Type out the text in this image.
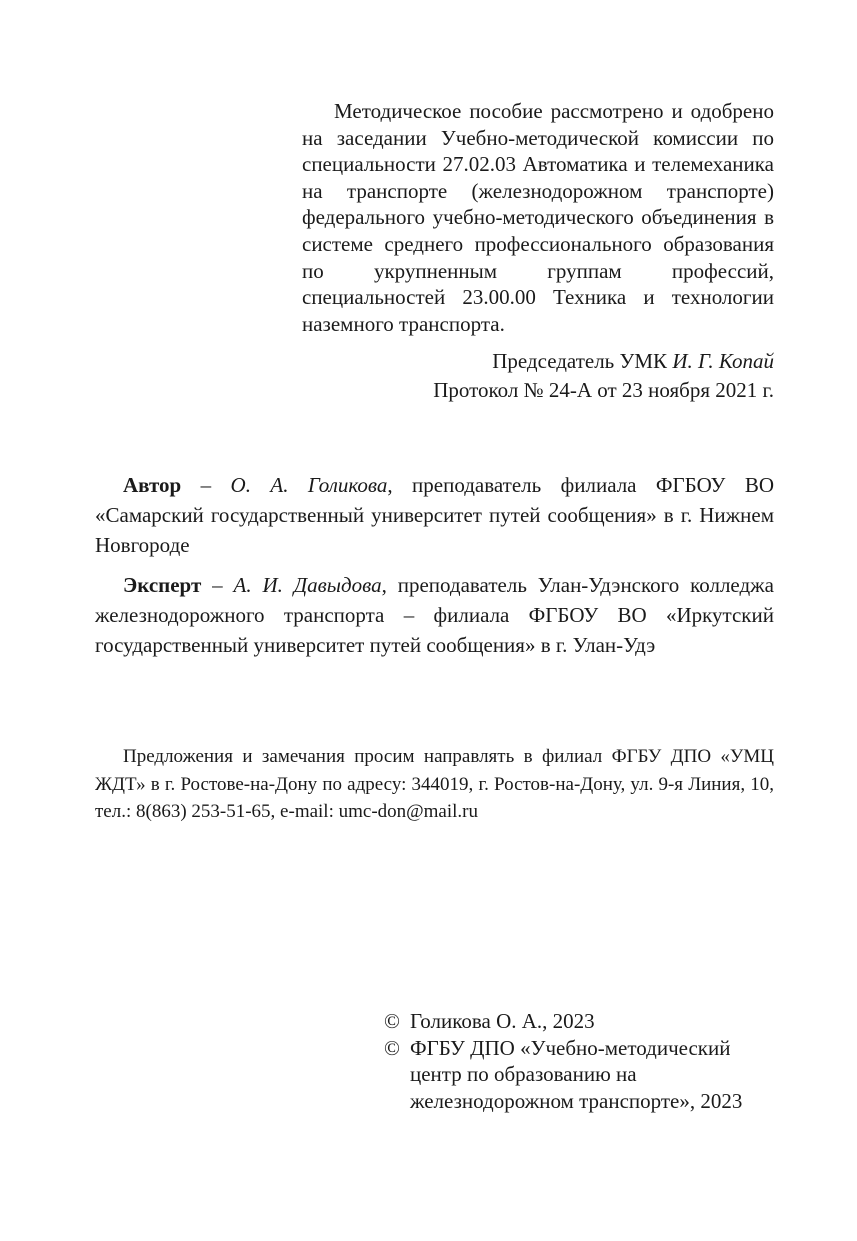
Методическое пособие рассмотрено и одобрено на заседании Учебно-методической комиссии по специальности 27.02.03 Автоматика и телемеханика на транспорте (железнодорожном транспорте) федерального учебно-методического объединения в системе среднего профессионального образования по укрупненным группам профессий, специальностей 23.00.00 Техника и технологии наземного транспорта.

Председатель УМК И. Г. Копай
Протокол № 24-А от 23 ноября 2021 г.

Автор – О. А. Голикова, преподаватель филиала ФГБОУ ВО «Самарский государственный университет путей сообщения» в г. Нижнем Новгороде

Эксперт – А. И. Давыдова, преподаватель Улан-Удэнского колледжа железнодорожного транспорта – филиала ФГБОУ ВО «Иркутский государственный университет путей сообщения» в г. Улан-Удэ

Предложения и замечания просим направлять в филиал ФГБУ ДПО «УМЦ ЖДТ» в г. Ростове-на-Дону по адресу: 344019, г. Ростов-на-Дону, ул. 9-я Линия, 10, тел.: 8(863) 253-51-65, e-mail: umc-don@mail.ru

© Голикова О. А., 2023
© ФГБУ ДПО «Учебно-методический центр по образованию на железнодорожном транспорте», 2023
